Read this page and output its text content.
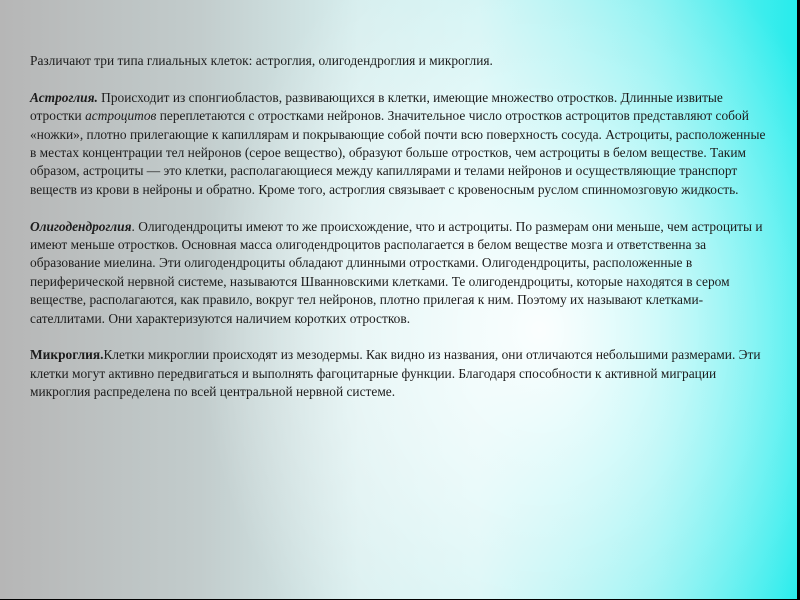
Различают три типа глиальных клеток: астроглия, олигодендроглия и микроглия.

Астроглия. Происходит из спонгиобластов, развивающихся в клетки, имеющие множество отростков. Длинные извитые отростки астроцитов переплетаются с отростками нейронов. Значительное число отростков астроцитов представляют собой «ножки», плотно прилегающие к капиллярам и покрывающие собой почти всю поверхность сосуда. Астроциты, расположенные в местах концентрации тел нейронов (серое вещество), образуют больше отростков, чем астроциты в белом веществе. Таким образом, астроциты — это клетки, располагающиеся между капиллярами и телами нейронов и осуществляющие транспорт веществ из крови в нейроны и обратно. Кроме того, астроглия связывает с кровеносным руслом спинномозговую жидкость.

Олигодендроглия. Олигодендроциты имеют то же происхождение, что и астроциты. По размерам они меньше, чем астроциты и имеют меньше отростков. Основная масса олигодендроцитов располагается в белом веществе мозга и ответственна за образование миелина. Эти олигодендроциты обладают длинными отростками. Олигодендроциты, расположенные в периферической нервной системе, называются Шванновскими клетками. Те олигодендроциты, которые находятся в сером веществе, располагаются, как правило, вокруг тел нейронов, плотно прилегая к ним. Поэтому их называют клетками-сателлитами. Они характеризуются наличием коротких отростков.

Микроглия.Клетки микроглии происходят из мезодермы. Как видно из названия, они отличаются небольшими размерами. Эти клетки могут активно передвигаться и выполнять фагоцитарные функции. Благодаря способности к активной миграции микроглия распределена по всей центральной нервной системе.
